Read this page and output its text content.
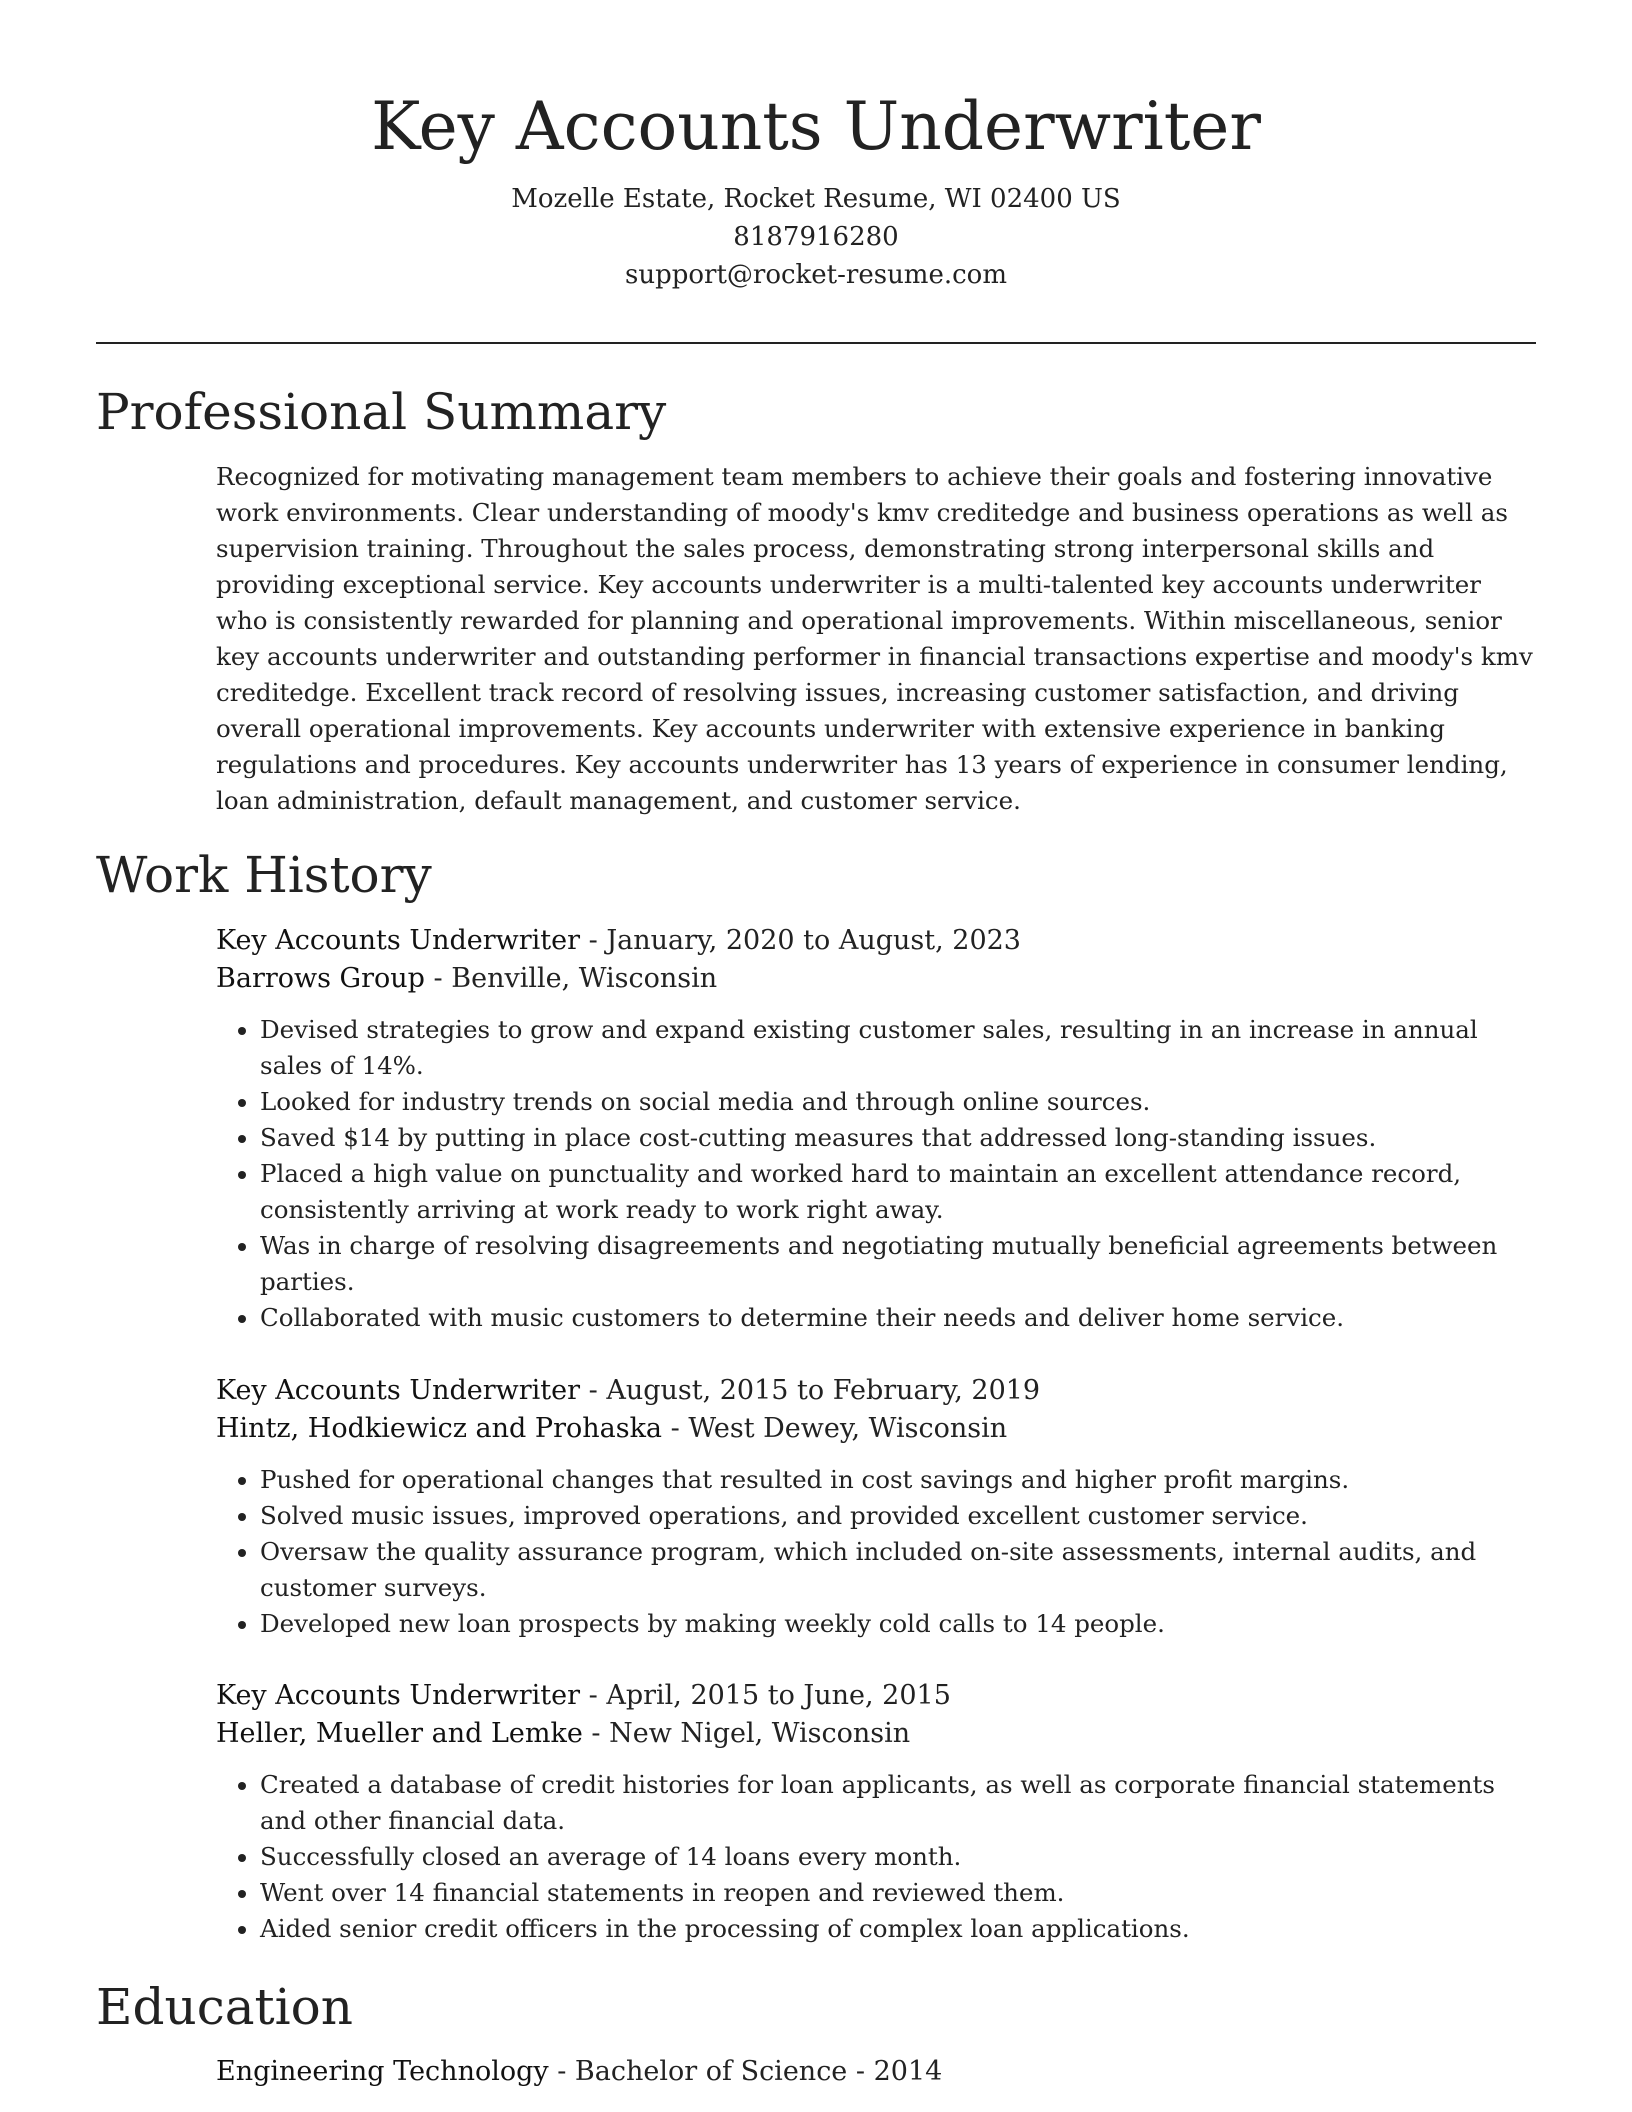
Key Accounts Underwriter
Mozelle Estate, Rocket Resume, WI 02400 US
8187916280
support@rocket-resume.com
Professional Summary

Recognized for motivating management team members to achieve their goals and fostering innovative work environments. Clear understanding of moody's kmv creditedge and business operations as well as supervision training. Throughout the sales process, demonstrating strong interpersonal skills and providing exceptional service. Key accounts underwriter is a multi-talented key accounts underwriter who is consistently rewarded for planning and operational improvements. Within miscellaneous, senior key accounts underwriter and outstanding performer in financial transactions expertise and moody's kmv creditedge. Excellent track record of resolving issues, increasing customer satisfaction, and driving overall operational improvements. Key accounts underwriter with extensive experience in banking regulations and procedures. Key accounts underwriter has 13 years of experience in consumer lending, loan administration, default management, and customer service.

Work History
Key Accounts Underwriter - January, 2020 to August, 2023
Barrows Group - Benville, Wisconsin
• Devised strategies to grow and expand existing customer sales, resulting in an increase in annual sales of 14%.
• Looked for industry trends on social media and through online sources.
• Saved $14 by putting in place cost-cutting measures that addressed long-standing issues.
• Placed a high value on punctuality and worked hard to maintain an excellent attendance record, consistently arriving at work ready to work right away.
• Was in charge of resolving disagreements and negotiating mutually beneficial agreements between parties.
• Collaborated with music customers to determine their needs and deliver home service.
Key Accounts Underwriter - August, 2015 to February, 2019
Hintz, Hodkiewicz and Prohaska - West Dewey, Wisconsin
• Pushed for operational changes that resulted in cost savings and higher profit margins.
• Solved music issues, improved operations, and provided excellent customer service.
• Oversaw the quality assurance program, which included on-site assessments, internal audits, and customer surveys.
• Developed new loan prospects by making weekly cold calls to 14 people.
Key Accounts Underwriter - April, 2015 to June, 2015
Heller, Mueller and Lemke - New Nigel, Wisconsin
• Created a database of credit histories for loan applicants, as well as corporate financial statements and other financial data.
• Successfully closed an average of 14 loans every month.
• Went over 14 financial statements in reopen and reviewed them.
• Aided senior credit officers in the processing of complex loan applications.
Education
Engineering Technology - Bachelor of Science - 2014
